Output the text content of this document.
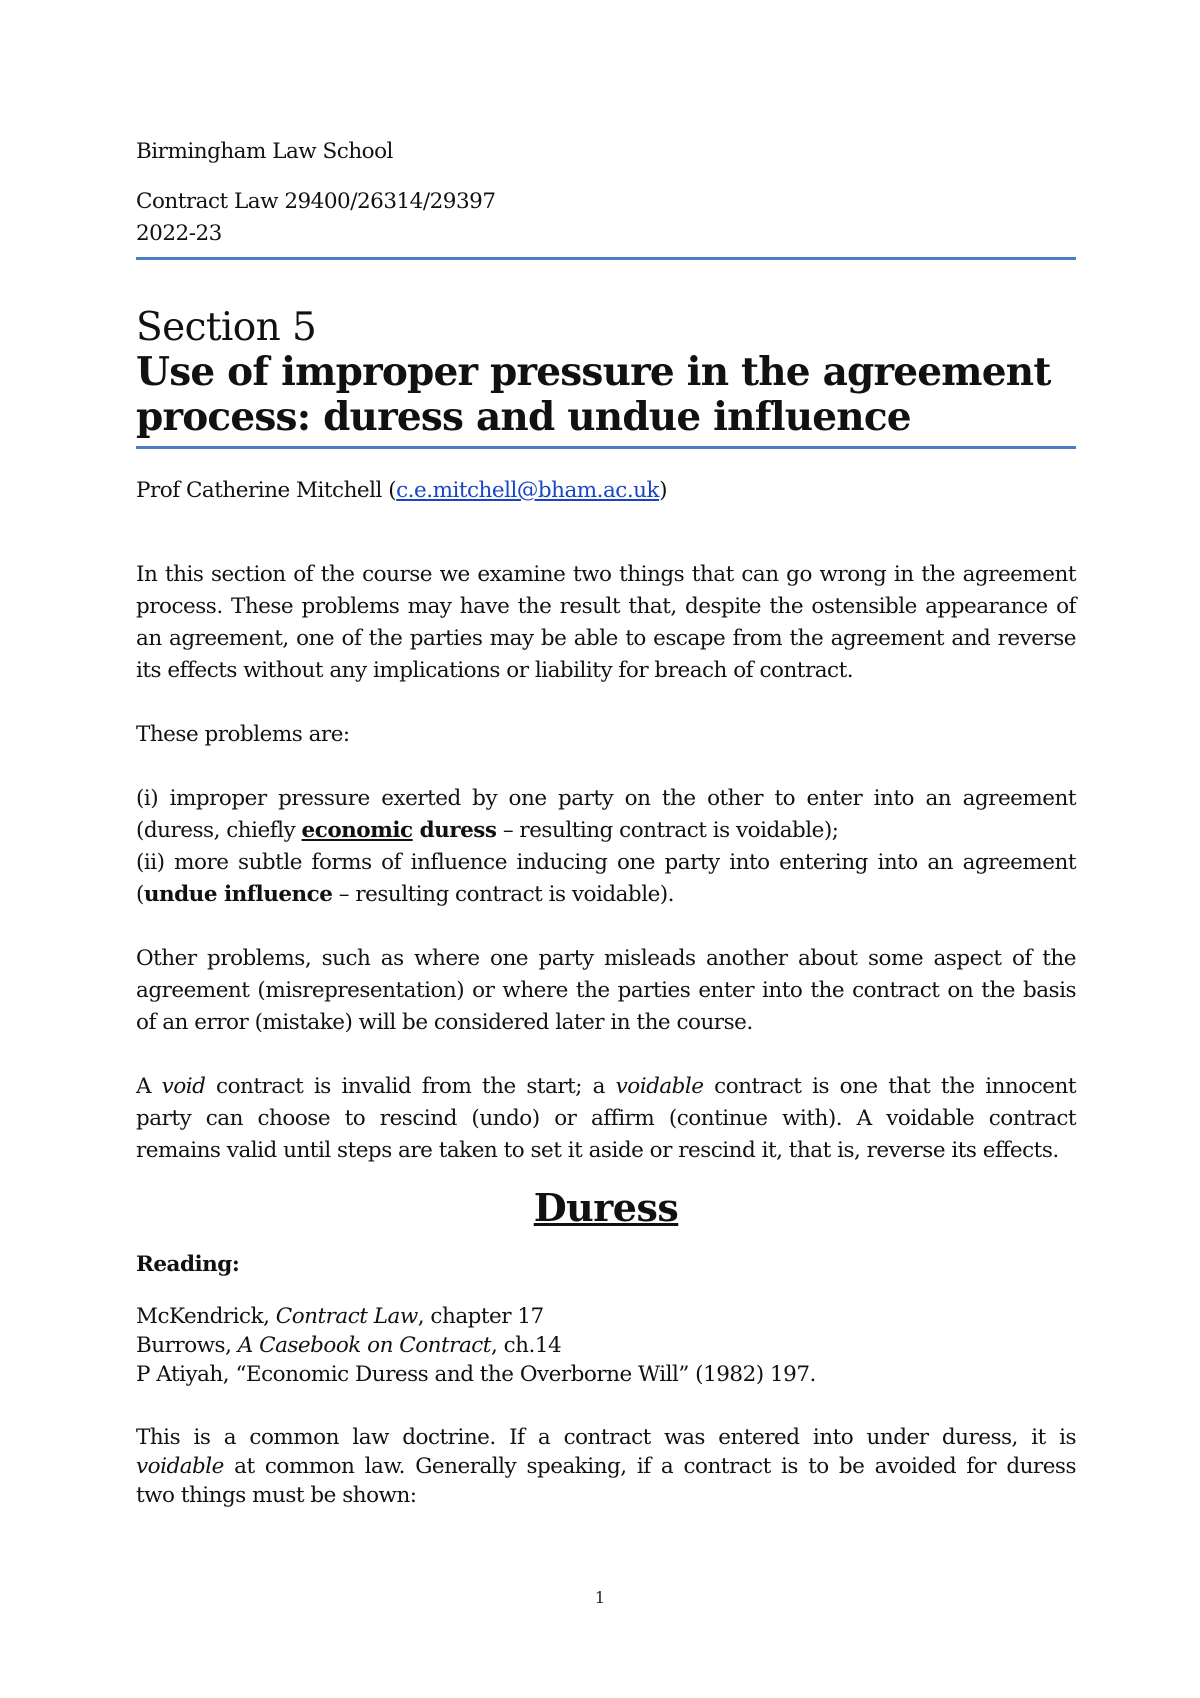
Birmingham Law School
Contract Law 29400/26314/29397
2022-23
Section 5
Use of improper pressure in the agreement
process: duress and undue influence
Prof Catherine Mitchell (c.e.mitchell@bham.ac.uk)
In this section of the course we examine two things that can go wrong in the agreement
process. These problems may have the result that, despite the ostensible appearance of
an agreement, one of the parties may be able to escape from the agreement and reverse
its effects without any implications or liability for breach of contract.
These problems are:
(i) improper pressure exerted by one party on the other to enter into an agreement
(duress, chiefly economic duress – resulting contract is voidable);
(ii) more subtle forms of influence inducing one party into entering into an agreement
(undue influence – resulting contract is voidable).
Other problems, such as where one party misleads another about some aspect of the
agreement (misrepresentation) or where the parties enter into the contract on the basis
of an error (mistake) will be considered later in the course.
A void contract is invalid from the start; a voidable contract is one that the innocent
party can choose to rescind (undo) or affirm (continue with). A voidable contract
remains valid until steps are taken to set it aside or rescind it, that is, reverse its effects.
Duress
Reading:
McKendrick, Contract Law, chapter 17
Burrows, A Casebook on Contract, ch.14
P Atiyah, “Economic Duress and the Overborne Will” (1982) 197.
This is a common law doctrine. If a contract was entered into under duress, it is
voidable at common law. Generally speaking, if a contract is to be avoided for duress
two things must be shown:
1
